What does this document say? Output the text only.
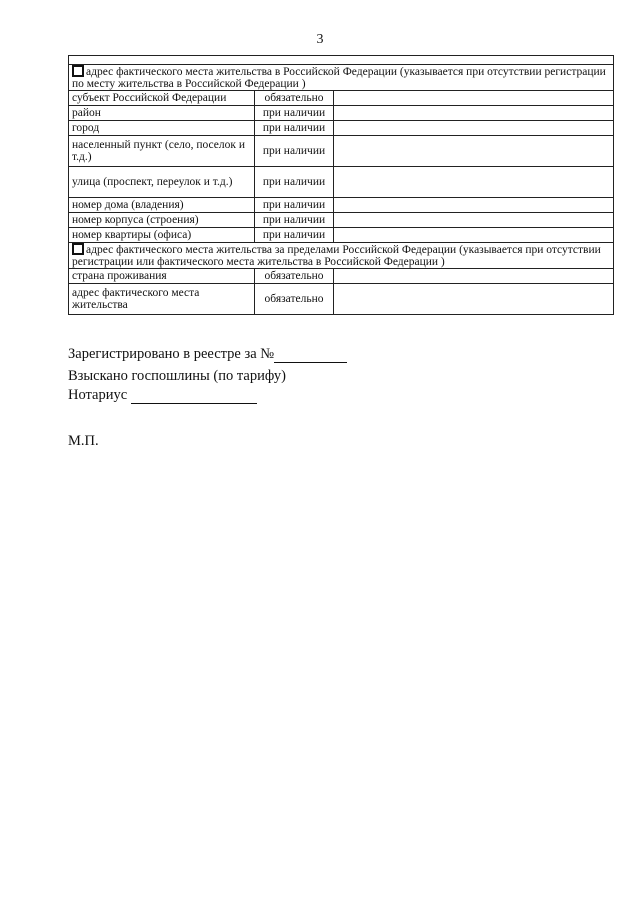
3

адрес фактического места жительства в Российской Федерации (указывается при отсутствии регистрации по месту жительства в Российской Федерации )		
субъект Российской Федерации	обязательно	
район	при наличии	
город	при наличии	
населенный пункт (село, поселок и т.д.)	при наличии	
улица (проспект, переулок и т.д.)	при наличии	
номер дома (владения)	при наличии	
номер корпуса (строения)	при наличии	
номер квартиры (офиса)	при наличии	
адрес фактического места жительства за пределами Российской Федерации (указывается при отсутствии регистрации или фактического места жительства в Российской Федерации )		
страна проживания	обязательно	
адрес фактического места жительства	обязательно	
Зарегистрировано в реестре за №
Взыскано госпошлины (по тарифу)
Нотариус
М.П.
